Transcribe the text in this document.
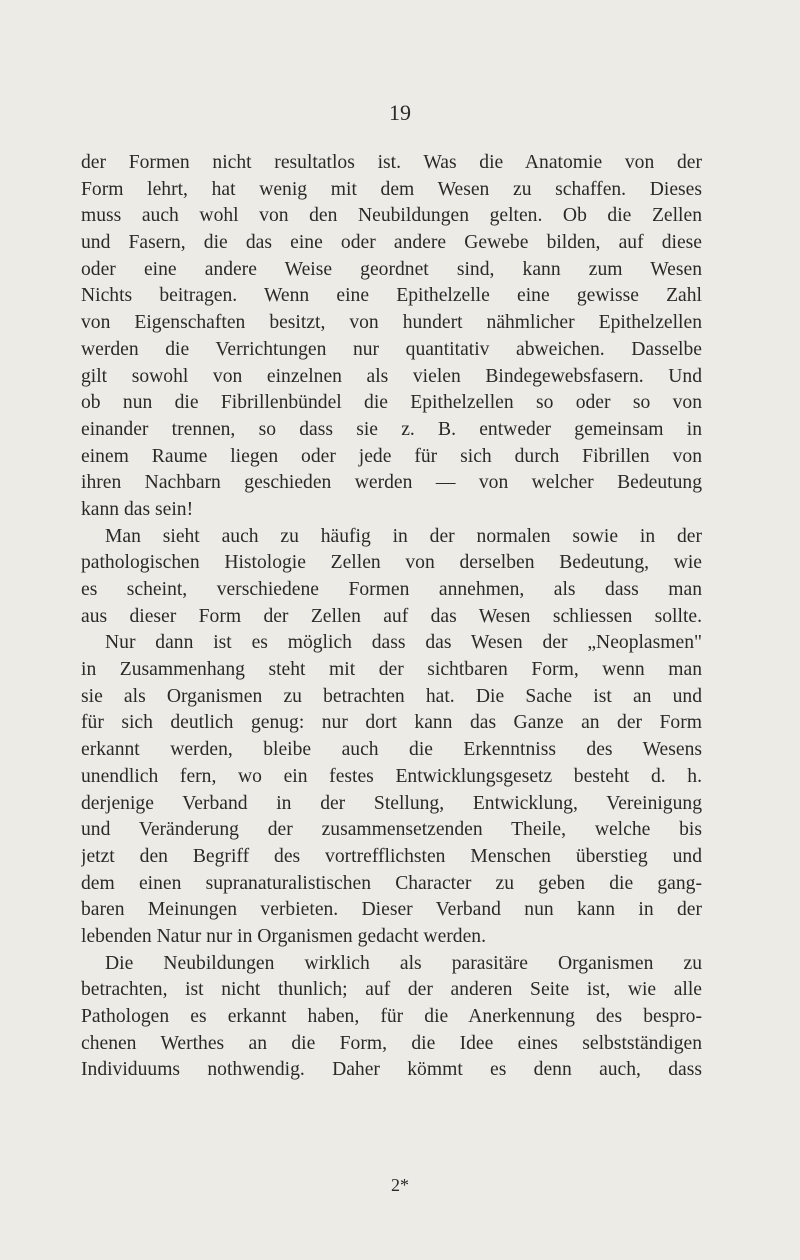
19
der Formen nicht resultatlos ist. Was die Anatomie von der
Form lehrt, hat wenig mit dem Wesen zu schaffen. Dieses
muss auch wohl von den Neubildungen gelten. Ob die Zellen
und Fasern, die das eine oder andere Gewebe bilden, auf diese
oder eine andere Weise geordnet sind, kann zum Wesen
Nichts beitragen. Wenn eine Epithelzelle eine gewisse Zahl
von Eigenschaften besitzt, von hundert nähmlicher Epithelzellen
werden die Verrichtungen nur quantitativ abweichen. Dasselbe
gilt sowohl von einzelnen als vielen Bindegewebsfasern. Und
ob nun die Fibrillenbündel die Epithelzellen so oder so von
einander trennen, so dass sie z. B. entweder gemeinsam in
einem Raume liegen oder jede für sich durch Fibrillen von
ihren Nachbarn geschieden werden — von welcher Bedeutung
kann das sein!
Man sieht auch zu häufig in der normalen sowie in der
pathologischen Histologie Zellen von derselben Bedeutung, wie
es scheint, verschiedene Formen annehmen, als dass man
aus dieser Form der Zellen auf das Wesen schliessen sollte.
Nur dann ist es möglich dass das Wesen der „Neoplasmen"
in Zusammenhang steht mit der sichtbaren Form, wenn man
sie als Organismen zu betrachten hat. Die Sache ist an und
für sich deutlich genug: nur dort kann das Ganze an der Form
erkannt werden, bleibe auch die Erkenntniss des Wesens
unendlich fern, wo ein festes Entwicklungsgesetz besteht d. h.
derjenige Verband in der Stellung, Entwicklung, Vereinigung
und Veränderung der zusammensetzenden Theile, welche bis
jetzt den Begriff des vortrefflichsten Menschen überstieg und
dem einen supranaturalistischen Character zu geben die gang-
baren Meinungen verbieten. Dieser Verband nun kann in der
lebenden Natur nur in Organismen gedacht werden.
Die Neubildungen wirklich als parasitäre Organismen zu
betrachten, ist nicht thunlich; auf der anderen Seite ist, wie alle
Pathologen es erkannt haben, für die Anerkennung des bespro-
chenen Werthes an die Form, die Idee eines selbstständigen
Individuums nothwendig. Daher kömmt es denn auch, dass
2*
